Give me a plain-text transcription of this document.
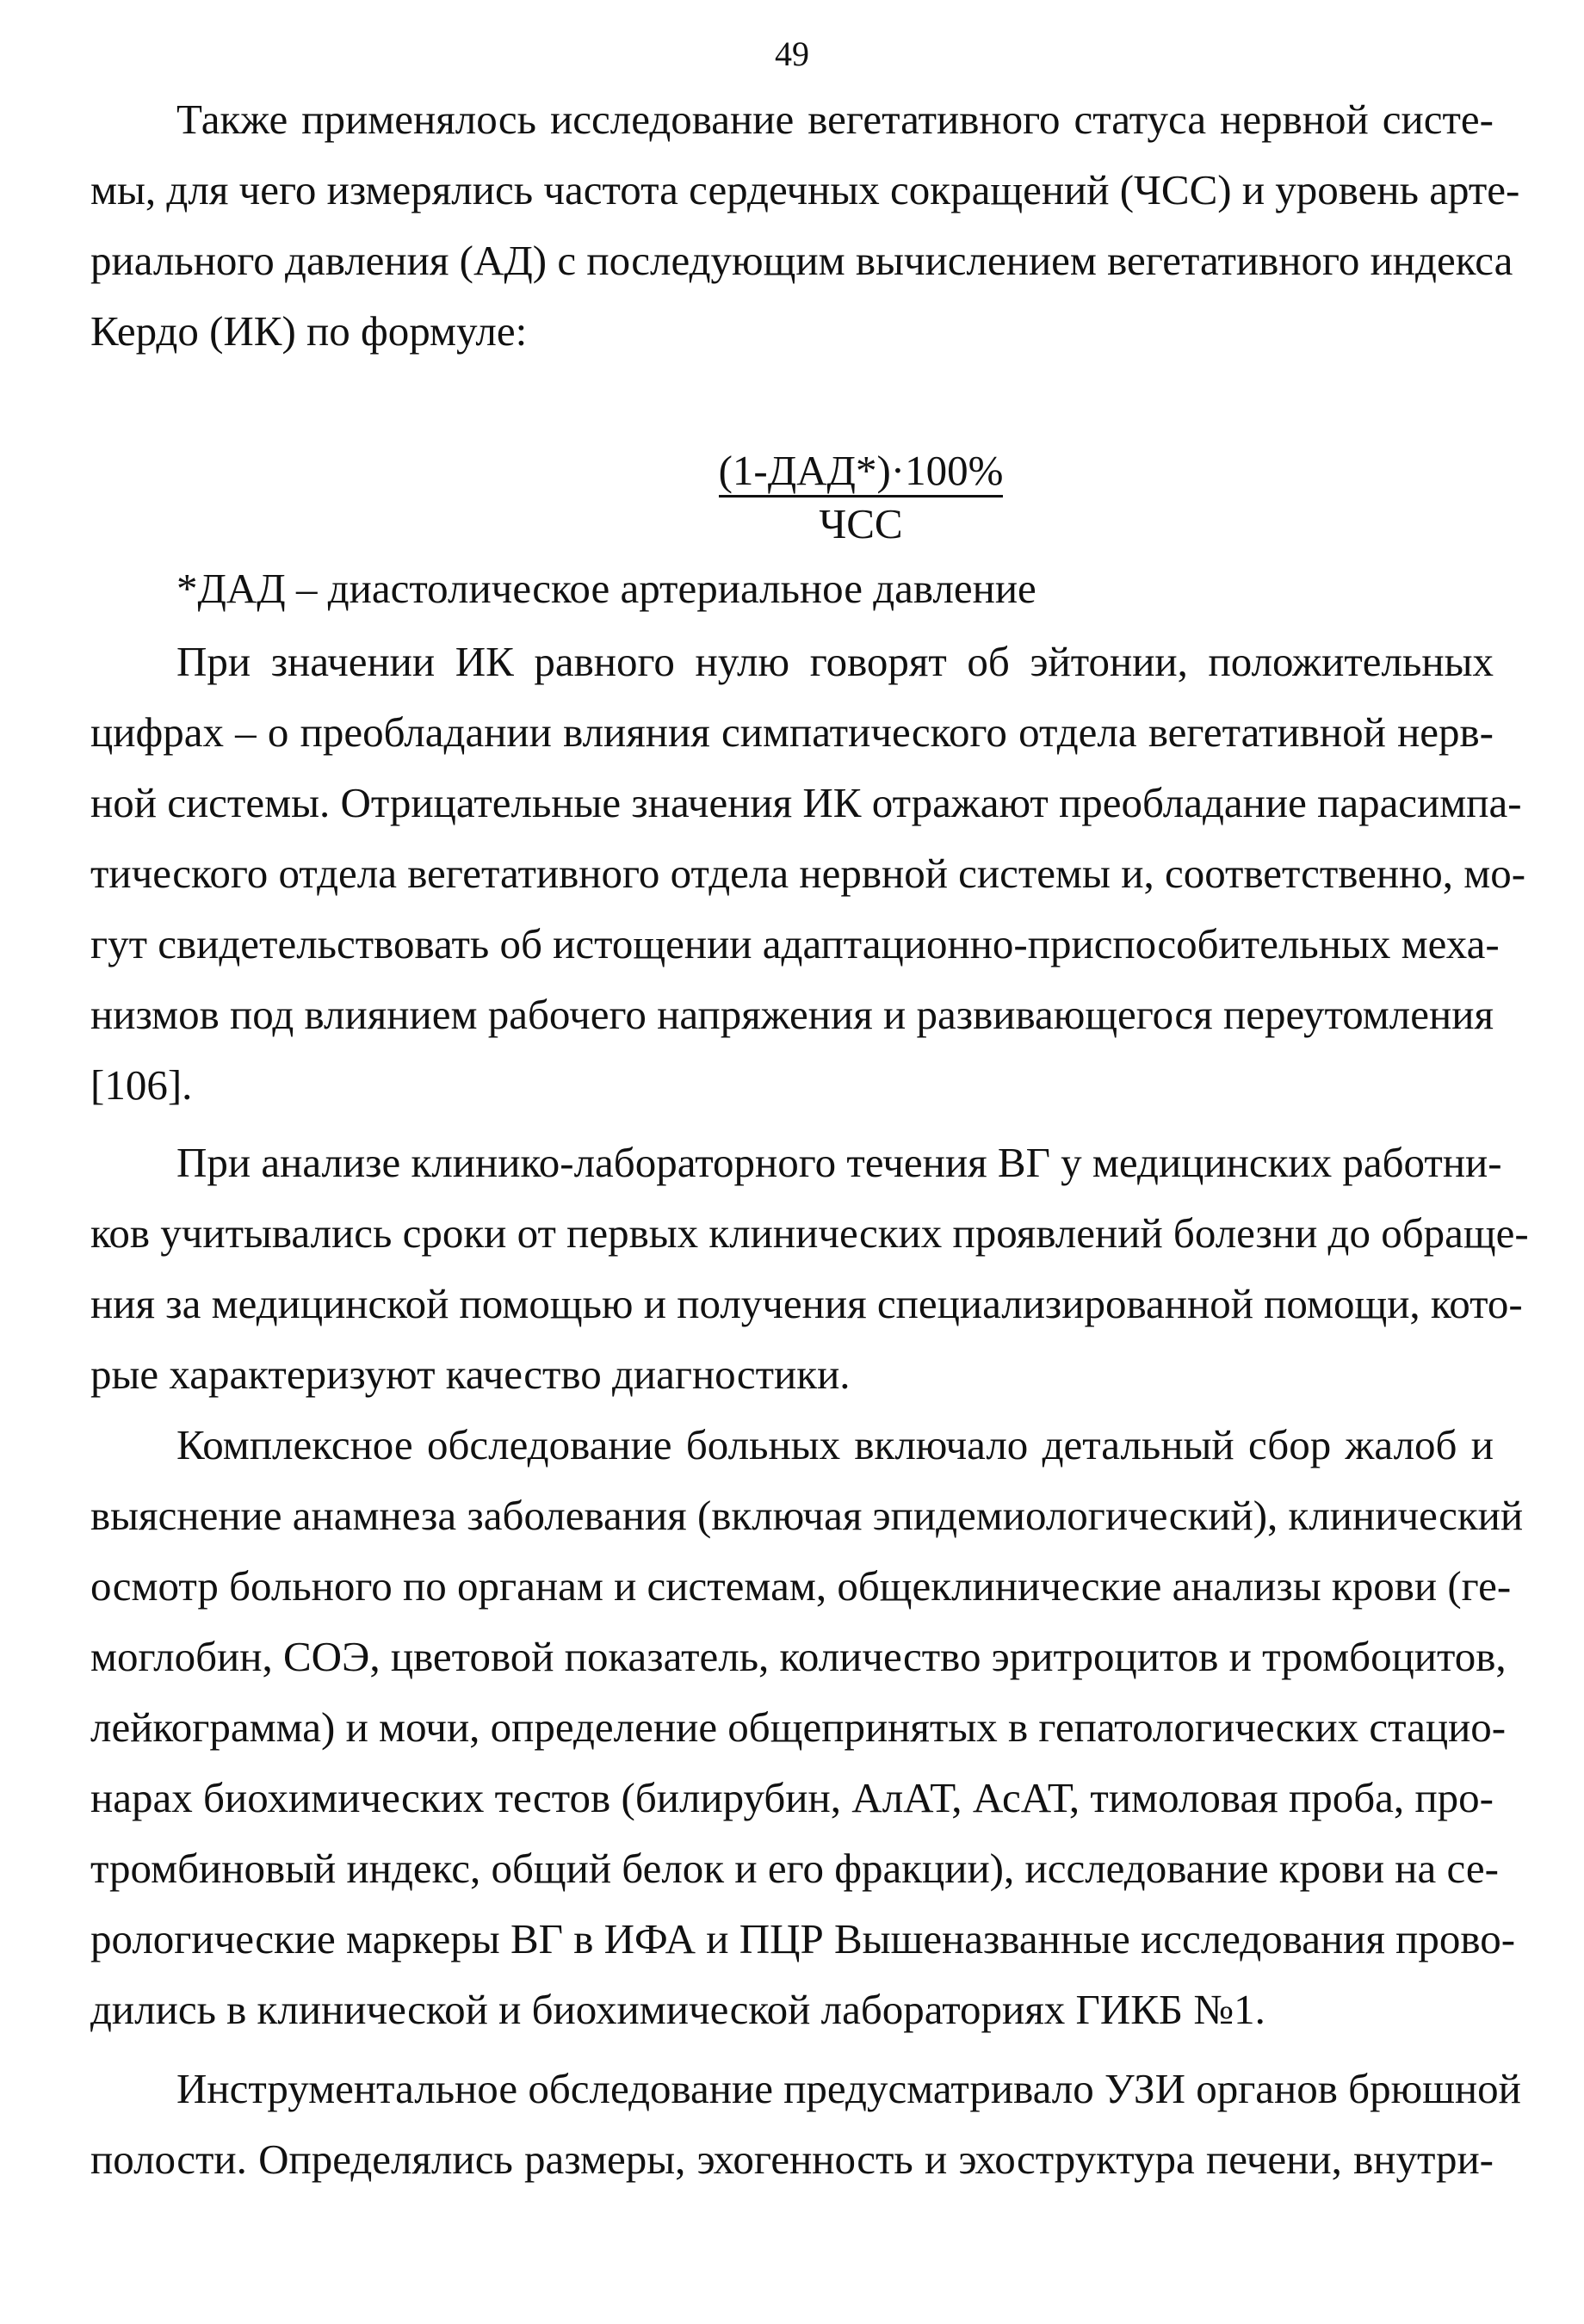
49
Также применялось исследование вегетативного статуса нервной систе-
мы, для чего измерялись частота сердечных сокращений (ЧСС) и уровень арте-
риального давления (АД) с последующим вычислением вегетативного индекса
Кердо (ИК) по формуле:
(1-ДАД*)·100%
ЧСС
*ДАД – диастолическое артериальное давление
При значении ИК равного нулю говорят об эйтонии, положительных
цифрах – о преобладании влияния симпатического отдела вегетативной нерв-
ной системы. Отрицательные значения ИК отражают преобладание парасимпа-
тического отдела вегетативного отдела нервной системы и, соответственно, мо-
гут свидетельствовать об истощении адаптационно-приспособительных меха-
низмов под влиянием рабочего напряжения и развивающегося переутомления
[106].
При анализе клинико-лабораторного течения ВГ у медицинских работни-
ков учитывались сроки от первых клинических проявлений болезни до обраще-
ния за медицинской помощью и получения специализированной помощи, кото-
рые характеризуют качество диагностики.
Комплексное обследование больных включало детальный сбор жалоб и
выяснение анамнеза заболевания (включая эпидемиологический), клинический
осмотр больного по органам и системам, общеклинические анализы крови (ге-
моглобин, СОЭ, цветовой показатель, количество эритроцитов и тромбоцитов,
лейкограмма) и мочи, определение общепринятых в гепатологических стацио-
нарах биохимических тестов (билирубин, АлАТ, АсАТ, тимоловая проба, про-
тромбиновый индекс, общий белок и его фракции), исследование крови на се-
рологические маркеры ВГ в ИФА и ПЦР Вышеназванные исследования прово-
дились в клинической и биохимической лабораториях ГИКБ №1.
Инструментальное обследование предусматривало УЗИ органов брюшной
полости. Определялись размеры, эхогенность и эхоструктура печени, внутри-
